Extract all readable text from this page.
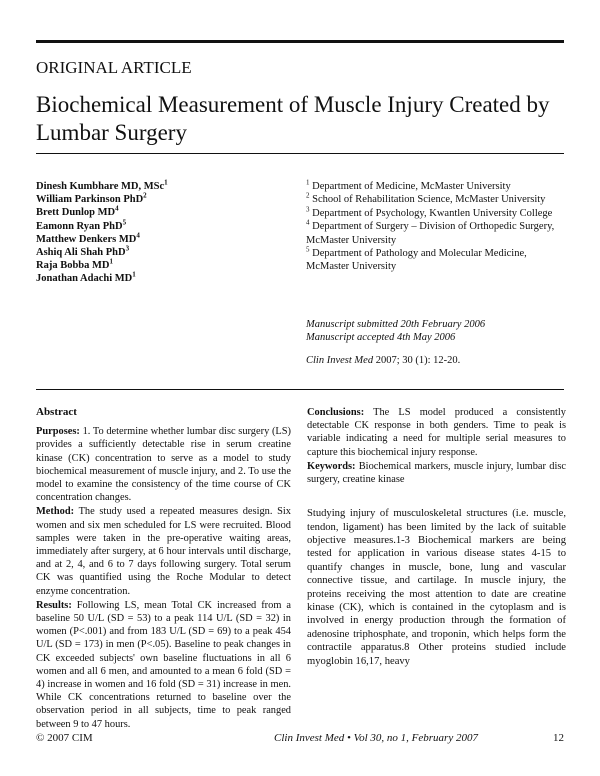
ORIGINAL ARTICLE
Biochemical Measurement of Muscle Injury Created by Lumbar Surgery
Dinesh Kumbhare MD, MSc$^1$
William Parkinson PhD$^2$
Brett Dunlop $MD^4$
Eamonn Ryan PhD$^5$
Matthew Denkers $MD^4$
Ashiq Ali Shah PhD$^3$
Raja Bobba $MD^1$
Jonathan Adachi $MD^1$
$^1$ Department of Medicine, McMaster University
$^2$ School of Rehabilitation Science, McMaster University
$^3$ Department of Psychology, Kwantlen University College
$^4$ Department of Surgery – Division of Orthopedic Surgery, McMaster University
$^5$ Department of Pathology and Molecular Medicine, McMaster University
Manuscript submitted 20th February 2006
Manuscript accepted 4th May 2006
Clin Invest Med 2007; 30 (1): 12-20.
Abstract

Purposes: 1. To determine whether lumbar disc surgery (LS) provides a sufficiently detectable rise in serum creatine kinase (CK) concentration to serve as a model to study biochemical measurement of muscle injury, and 2. To use the model to examine the consistency of the time course of CK concentration changes.

Method: The study used a repeated measures design. Six women and six men scheduled for LS were recruited. Blood samples were taken in the pre-operative waiting areas, immediately after surgery, at 6 hour intervals until discharge, and at 2, 4, and 6 to 7 days following surgery. Total serum CK was quantified using the Roche Modular to detect enzyme concentration.

Results: Following LS, mean Total CK increased from a baseline 50 U/L (SD = 53) to a peak 114 U/L (SD = 32) in women (P<.001) and from 183 U/L (SD = 69) to a peak 454 U/L (SD = 173) in men (P<.05). Baseline to peak changes in CK exceeded subjects' own baseline fluctuations in all 6 women and all 6 men, and amounted to a mean 6 fold (SD = 4) increase in women and 16 fold (SD = 31) increase in men. While CK concentrations returned to baseline over the observation period in all subjects, time to peak ranged between 9 to 47 hours.

Conclusions: The LS model produced a consistently detectable CK response in both genders. Time to peak is variable indicating a need for multiple serial measures to capture this biochemical injury response.

Keywords: Biochemical markers, muscle injury, lumbar disc surgery, creatine kinase

Studying injury of musculoskeletal structures (i.e. muscle, tendon, ligament) has been limited by the lack of suitable objective measures.1-3 Biochemical markers are being tested for application in various disease states 4-15 to quantify changes in muscle, bone, lung and vascular connective tissue, and cartilage. In muscle injury, the proteins receiving the most attention to date are creatine kinase (CK), which is contained in the cytoplasm and is involved in energy production through the formation of adenosine triphosphate, and troponin, which helps form the contractile apparatus.8 Other proteins studied include myoglobin 16,17, heavy

© 2007 CIM	Clin Invest Med • Vol 30, no 1, February 2007	12
